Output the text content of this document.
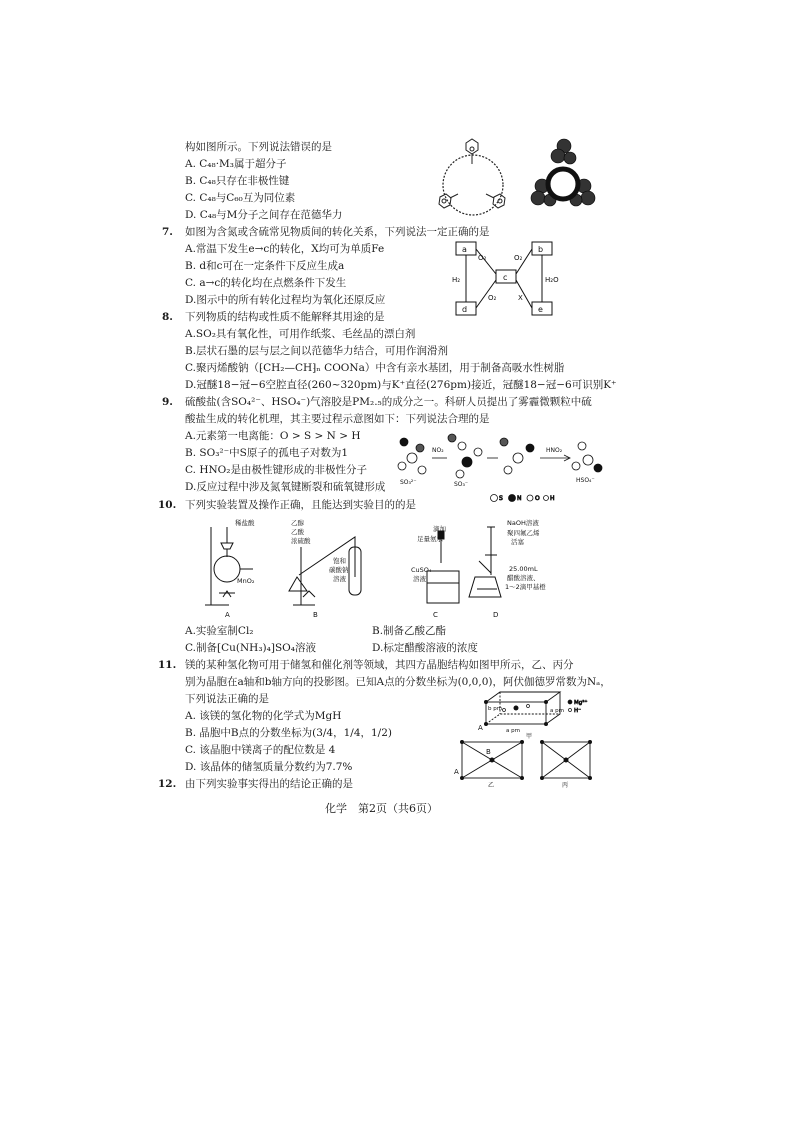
构如图所示。下列说法错误的是
A. C₄₈·M₃属于超分子
B. C₄₈只存在非极性键
C. C₄₈与C₆₀互为同位素
D. C₄₈与M分子之间存在范德华力
7. 如图为含氮或含硫常见物质间的转化关系，下列说法一定正确的是
A.常温下发生e→c的转化，X均可为单质Fe
B. d和c可在一定条件下反应生成a
C. a→c的转化均在点燃条件下发生
D.图示中的所有转化过程均为氧化还原反应
a	b
c
d	e
O₂	O₂
H₂	H₂O
O₂	X
8. 下列物质的结构或性质不能解释其用途的是
A.SO₂具有氧化性，可用作纸浆、毛丝品的漂白剂
B.层状石墨的层与层之间以范德华力结合，可用作润滑剂
C.聚丙烯酸钠（⁅CH₂—CH⁆ₙ COONa）中含有亲水基团，用于制备高吸水性树脂
D.冠醚18−冠−6空腔直径(260~320pm)与K⁺直径(276pm)接近，冠醚18−冠−6可识别K⁺
9. 硫酸盐(含SO₄²⁻、HSO₄⁻)气溶胶是PM₂.₅的成分之一。科研人员提出了雾霾微颗粒中硫
酸盐生成的转化机理，其主要过程示意图如下：下列说法合理的是
A.元素第一电离能：O > S > N > H
B. SO₃²⁻中S原子的孤电子对数为1
C. HNO₂是由极性键形成的非极性分子
D.反应过程中涉及氮氧键断裂和硫氧键形成
NO₂
SO₃²⁻	SO₃⁻
HNO₂
HSO₄⁻
S N O H
10. 下列实验装置及操作正确，且能达到实验目的的是
稀盐酸
MnO₂
乙醇
乙酸
浓硫酸
饱和
碳酸钠
溶液
滴加
足量氨水
CuSO₄
溶液
NaOH溶液
聚四氟乙烯
活塞
25.00mL
醋酸溶液、
1～2滴甲基橙
A	B	C	D
A.实验室制Cl₂	B.制备乙酸乙酯
C.制备[Cu(NH₃)₄]SO₄溶液	D.标定醋酸溶液的浓度
11. 镁的某种氢化物可用于储氢和催化剂等领域，其四方晶胞结构如图甲所示，乙、丙分
别为晶胞在a轴和b轴方向的投影图。已知A点的分数坐标为(0,0,0)，阿伏伽德罗常数为Nₐ，
下列说法正确的是
A. 该镁的氢化物的化学式为MgH
B. 晶胞中B点的分数坐标为(3/4，1/4，1/2)
C. 该晶胞中镁离子的配位数是 4
D. 该晶体的储氢质量分数约为7.7%
b pm
a pm
a pm
A
甲
Mg²⁺
H⁻
B
A
乙	丙
12. 由下列实验事实得出的结论正确的是
化学　第2页（共6页）
